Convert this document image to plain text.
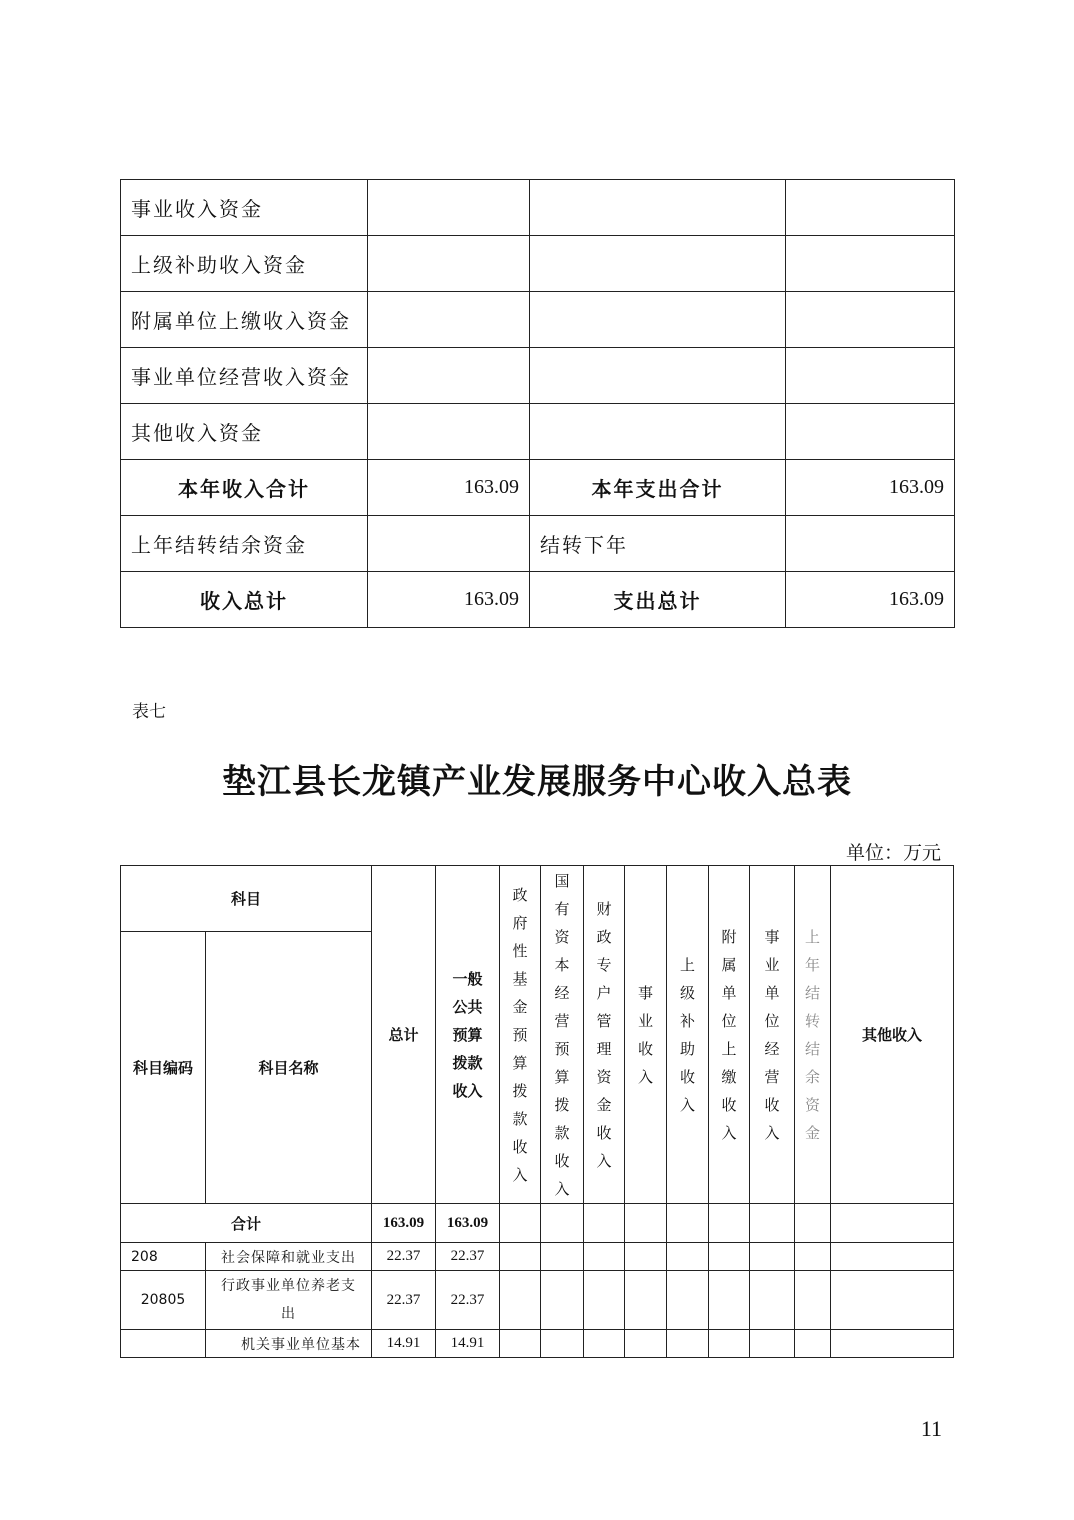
事业收入资金			
上级补助收入资金			
附属单位上缴收入资金			
事业单位经营收入资金			
其他收入资金			
本年收入合计	163.09	本年支出合计	163.09
上年结转结余资金		结转下年	
收入总计	163.09	支出总计	163.09
表七
垫江县长龙镇产业发展服务中心收入总表
单位：万元
科目		总计	一般公共预算拨款收入	政府性基金预算拨款收入	国有资本经营预算拨款收入	财政专户管理资金收入	事业收入	上级补助收入	附属单位上缴收入	事业单位经营收入	上年结转结余资金	其他收入
科目编码	科目名称											
合计		163.09	163.09									
208	社会保障和就业支出	22.37	22.37									
20805	行政事业单位养老支出	22.37	22.37									
	机关事业单位基本	14.91	14.91									
11
